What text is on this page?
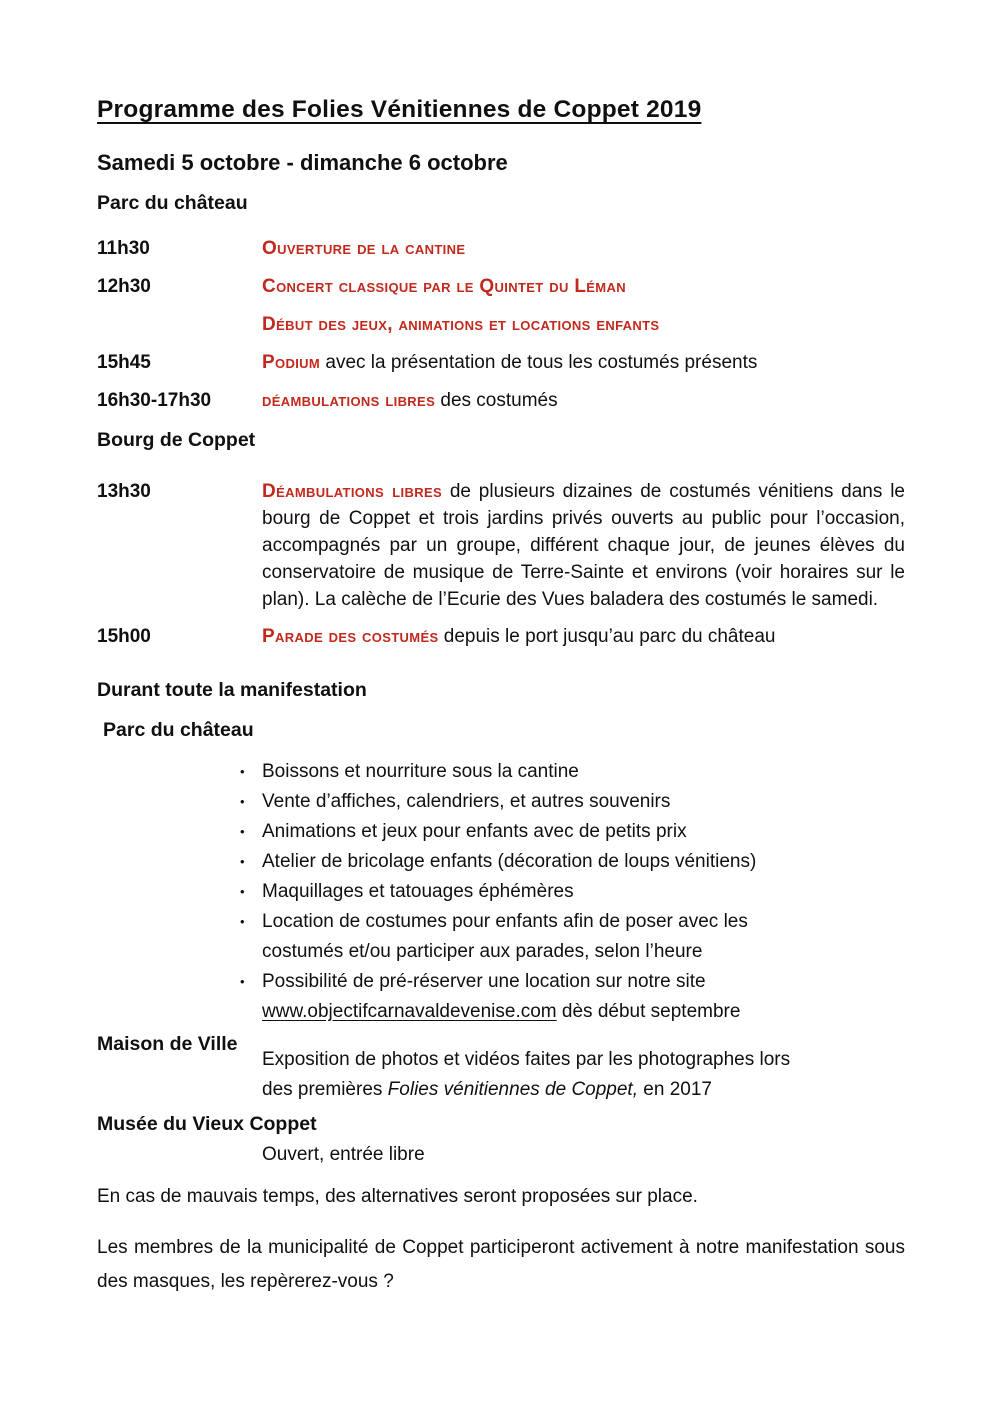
Programme des Folies Vénitiennes de Coppet 2019
Samedi 5 octobre - dimanche 6 octobre
Parc du château
11h30	Ouverture de la cantine
12h30	Concert classique par le Quintet du Léman
Début des jeux, animations et locations enfants
15h45	Podium avec la présentation de tous les costumés présents
16h30-17h30	déambulations libres des costumés
Bourg de Coppet
13h30	Déambulations libres de plusieurs dizaines de costumés vénitiens dans le bourg de Coppet et trois jardins privés ouverts au public pour l’occasion, accompagnés par un groupe, différent chaque jour, de jeunes élèves du conservatoire de musique de Terre-Sainte et environs (voir horaires sur le plan). La calèche de l’Ecurie des Vues baladera des costumés le samedi.
15h00	Parade des costumés depuis le port jusqu’au parc du château
Durant toute la manifestation
Parc du château
• Boissons et nourriture sous la cantine
• Vente d’affiches, calendriers, et autres souvenirs
• Animations et jeux pour enfants avec de petits prix
• Atelier de bricolage enfants (décoration de loups vénitiens)
• Maquillages et tatouages éphémères
• Location de costumes pour enfants afin de poser avec les
costumés et/ou participer aux parades, selon l’heure
• Possibilité de pré-réserver une location sur notre site
www.objectifcarnavaldevenise.com dès début septembre
Maison de Ville
Exposition de photos et vidéos faites par les photographes lors
des premières Folies vénitiennes de Coppet, en 2017
Musée du Vieux Coppet
Ouvert, entrée libre

En cas de mauvais temps, des alternatives seront proposées sur place.

Les membres de la municipalité de Coppet participeront activement à notre manifestation sous des masques, les repèrerez-vous ?
